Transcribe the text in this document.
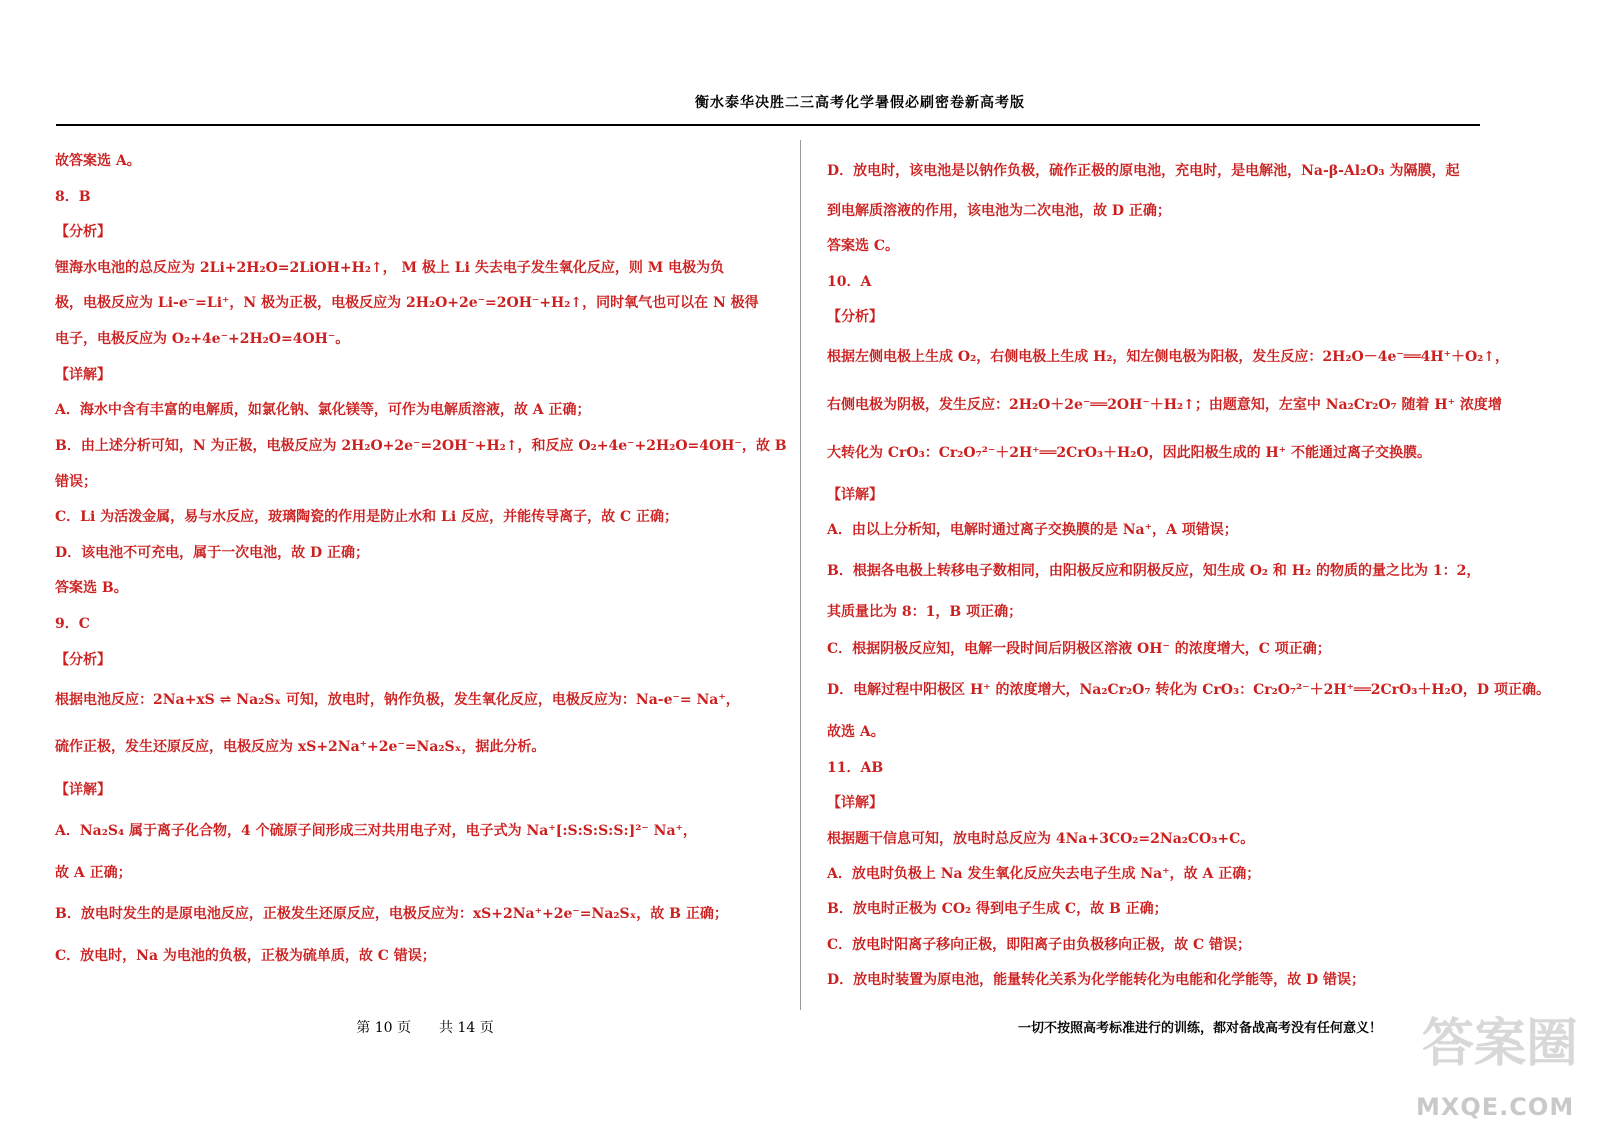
衡水泰华决胜二三高考化学暑假必刷密卷新高考版
故答案选 A。
8．B
【分析】
锂海水电池的总反应为 2Li+2H₂O=2LiOH+H₂↑， M 极上 Li 失去电子发生氧化反应，则 M 电极为负
极，电极反应为 Li-e⁻=Li⁺，N 极为正极，电极反应为 2H₂O+2e⁻=2OH⁻+H₂↑，同时氧气也可以在 N 极得
电子，电极反应为 O₂+4e⁻+2H₂O=4OH⁻。
【详解】
A．海水中含有丰富的电解质，如氯化钠、氯化镁等，可作为电解质溶液，故 A 正确；
B．由上述分析可知，N 为正极，电极反应为 2H₂O+2e⁻=2OH⁻+H₂↑，和反应 O₂+4e⁻+2H₂O=4OH⁻，故 B
错误；
C．Li 为活泼金属，易与水反应，玻璃陶瓷的作用是防止水和 Li 反应，并能传导离子，故 C 正确；
D．该电池不可充电，属于一次电池，故 D 正确；
答案选 B。
9．C
【分析】
根据电池反应：2Na+xS ⇌ Na₂Sₓ 可知，放电时，钠作负极，发生氧化反应，电极反应为：Na-e⁻= Na⁺，
硫作正极，发生还原反应，电极反应为 xS+2Na⁺+2e⁻=Na₂Sₓ，据此分析。
【详解】
A．Na₂S₄ 属于离子化合物，4 个硫原子间形成三对共用电子对，电子式为 Na⁺[:S:S:S:S:]²⁻ Na⁺，
故 A 正确；
B．放电时发生的是原电池反应，正极发生还原反应，电极反应为：xS+2Na⁺+2e⁻=Na₂Sₓ，故 B 正确；
C．放电时，Na 为电池的负极，正极为硫单质，故 C 错误；
D．放电时，该电池是以钠作负极，硫作正极的原电池，充电时，是电解池，Na-β-Al₂O₃ 为隔膜，起
到电解质溶液的作用，该电池为二次电池，故 D 正确；
答案选 C。
10．A
【分析】
根据左侧电极上生成 O₂，右侧电极上生成 H₂，知左侧电极为阳极，发生反应：2H₂O－4e⁻══4H⁺＋O₂↑，
右侧电极为阴极，发生反应：2H₂O＋2e⁻══2OH⁻＋H₂↑；由题意知，左室中 Na₂Cr₂O₇ 随着 H⁺ 浓度增
大转化为 CrO₃：Cr₂O₇²⁻＋2H⁺══2CrO₃＋H₂O，因此阳极生成的 H⁺ 不能通过离子交换膜。
【详解】
A．由以上分析知，电解时通过离子交换膜的是 Na⁺，A 项错误；
B．根据各电极上转移电子数相同，由阳极反应和阴极反应，知生成 O₂ 和 H₂ 的物质的量之比为 1：2，
其质量比为 8：1，B 项正确；
C．根据阴极反应知，电解一段时间后阴极区溶液 OH⁻ 的浓度增大，C 项正确；
D．电解过程中阳极区 H⁺ 的浓度增大，Na₂Cr₂O₇ 转化为 CrO₃：Cr₂O₇²⁻＋2H⁺══2CrO₃＋H₂O，D 项正确。
故选 A。
11．AB
【详解】
根据题干信息可知，放电时总反应为 4Na+3CO₂=2Na₂CO₃+C。
A．放电时负极上 Na 发生氧化反应失去电子生成 Na⁺，故 A 正确；
B．放电时正极为 CO₂ 得到电子生成 C，故 B 正确；
C．放电时阳离子移向正极，即阳离子由负极移向正极，故 C 错误；
D．放电时装置为原电池，能量转化关系为化学能转化为电能和化学能等，故 D 错误；
第 10 页　　共 14 页	一切不按照高考标准进行的训练，都对备战高考没有任何意义！ 答案圈
MXQE.COM
